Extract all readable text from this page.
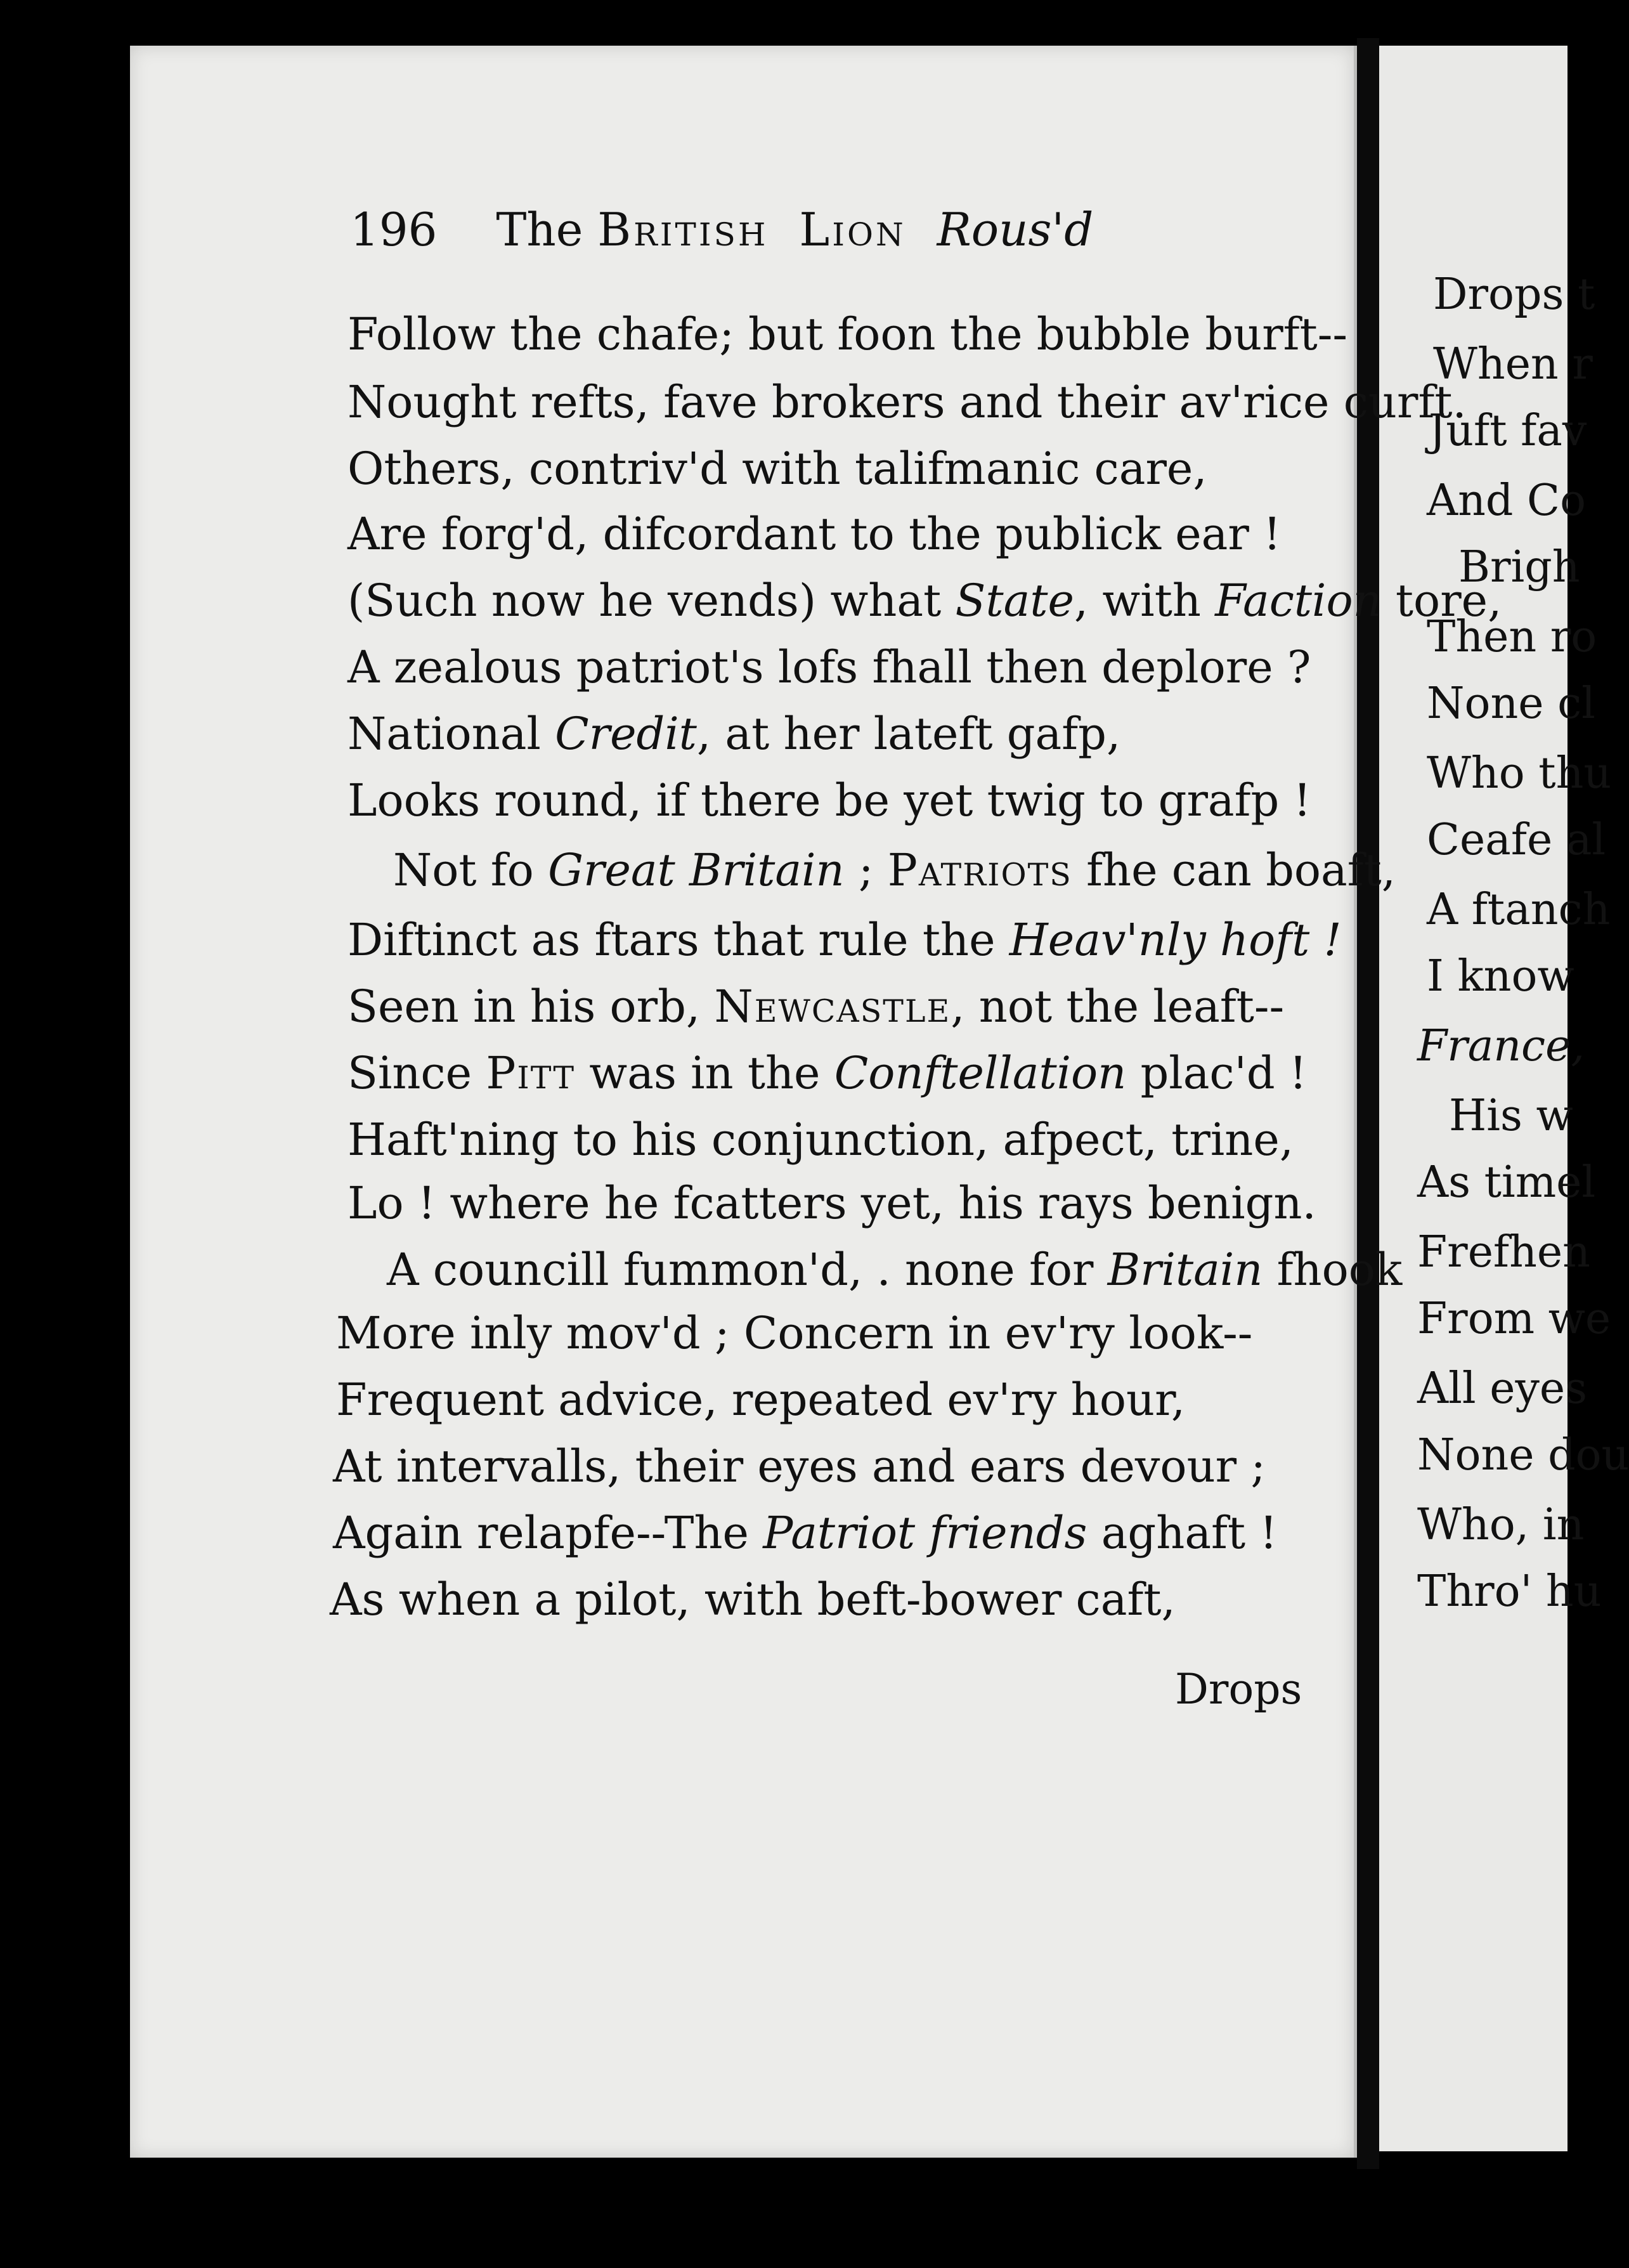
Drops t
When r
Juft fav
And Co
Brigh
Then ro
None cl
Who thu
Ceafe al
A ftanch
I know
France,
His w
As timel
Frefhen
From we
All eyes
None dou
Who, in
Thro' hu
196 The British Lion Rous'd
Follow the chafe; but foon the bubble burft--
Nought refts, fave brokers and their av'rice curft.
Others, contriv'd with talifmanic care,
Are forg'd, difcordant to the publick ear !
(Such now he vends) what State, with Faction tore,
A zealous patriot's lofs fhall then deplore ?
National Credit, at her lateft gafp,
Looks round, if there be yet twig to grafp !
Not fo Great Britain ; Patriots fhe can boaft,
Diftinct as ftars that rule the Heav'nly hoft !
Seen in his orb, Newcastle, not the leaft--
Since Pitt was in the Conftellation plac'd !
Haft'ning to his conjunction, afpect, trine,
Lo ! where he fcatters yet, his rays benign.
A councill fummon'd, . none for Britain fhook
More inly mov'd ; Concern in ev'ry look--
Frequent advice, repeated ev'ry hour,
At intervalls, their eyes and ears devour ;
Again relapfe--The Patriot friends aghaft !
As when a pilot, with beft-bower caft,
Drops
